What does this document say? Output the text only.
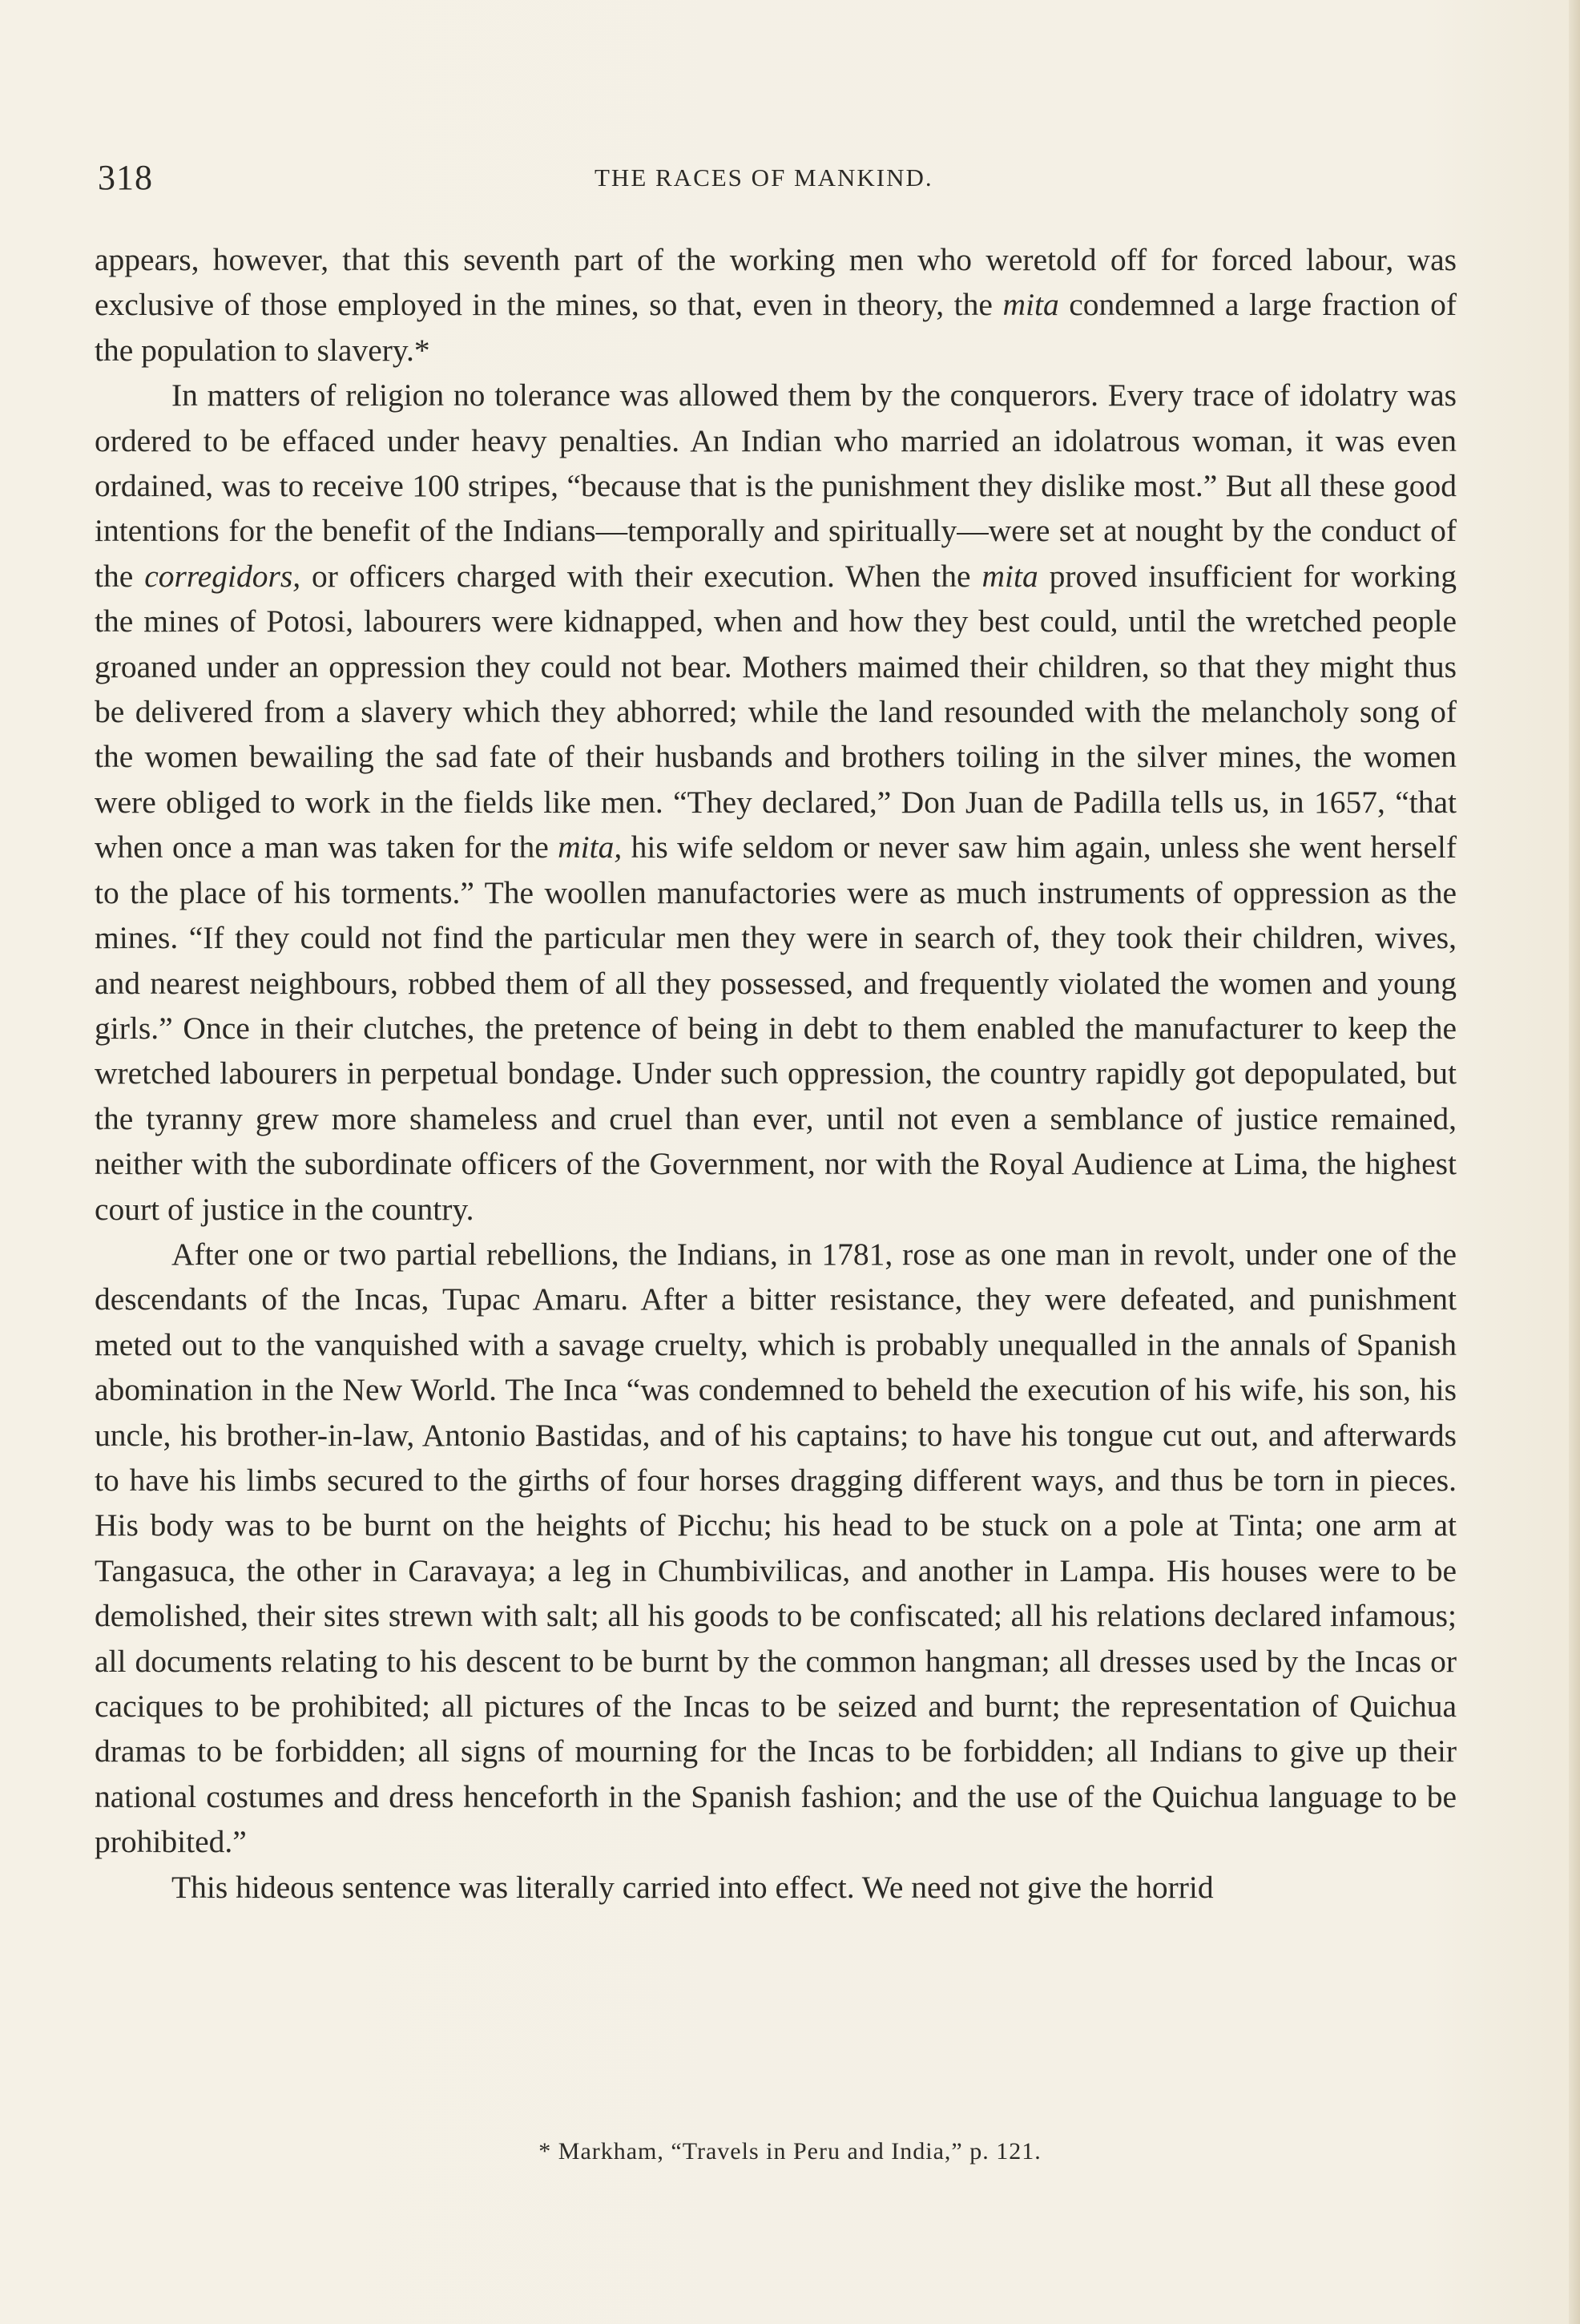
318	THE RACES OF MANKIND.

appears, however, that this seventh part of the working men who weretold off for forced labour, was exclusive of those employed in the mines, so that, even in theory, the mita condemned a large fraction of the population to slavery.*

In matters of religion no tolerance was allowed them by the conquerors. Every trace of idolatry was ordered to be effaced under heavy penalties. An Indian who married an idolatrous woman, it was even ordained, was to receive 100 stripes, “because that is the punishment they dislike most.” But all these good intentions for the benefit of the Indians—temporally and spiritually—were set at nought by the conduct of the corregidors, or officers charged with their execution. When the mita proved insufficient for working the mines of Potosi, labourers were kidnapped, when and how they best could, until the wretched people groaned under an oppression they could not bear. Mothers maimed their children, so that they might thus be delivered from a slavery which they abhorred; while the land resounded with the melancholy song of the women bewailing the sad fate of their husbands and brothers toiling in the silver mines, the women were obliged to work in the fields like men. “They declared,” Don Juan de Padilla tells us, in 1657, “that when once a man was taken for the mita, his wife seldom or never saw him again, unless she went herself to the place of his torments.” The woollen manufactories were as much instruments of oppression as the mines. “If they could not find the particular men they were in search of, they took their children, wives, and nearest neighbours, robbed them of all they possessed, and frequently violated the women and young girls.” Once in their clutches, the pretence of being in debt to them enabled the manufacturer to keep the wretched labourers in perpetual bondage. Under such oppression, the country rapidly got depopulated, but the tyranny grew more shameless and cruel than ever, until not even a semblance of justice remained, neither with the subordinate officers of the Government, nor with the Royal Audience at Lima, the highest court of justice in the country.

After one or two partial rebellions, the Indians, in 1781, rose as one man in revolt, under one of the descendants of the Incas, Tupac Amaru. After a bitter resistance, they were defeated, and punishment meted out to the vanquished with a savage cruelty, which is probably unequalled in the annals of Spanish abomination in the New World. The Inca “was condemned to beheld the execution of his wife, his son, his uncle, his brother-in-law, Antonio Bastidas, and of his captains; to have his tongue cut out, and afterwards to have his limbs secured to the girths of four horses dragging different ways, and thus be torn in pieces. His body was to be burnt on the heights of Picchu; his head to be stuck on a pole at Tinta; one arm at Tangasuca, the other in Caravaya; a leg in Chumbivilicas, and another in Lampa. His houses were to be demolished, their sites strewn with salt; all his goods to be confiscated; all his relations declared infamous; all documents relating to his descent to be burnt by the common hangman; all dresses used by the Incas or caciques to be prohibited; all pictures of the Incas to be seized and burnt; the representation of Quichua dramas to be forbidden; all signs of mourning for the Incas to be forbidden; all Indians to give up their national costumes and dress henceforth in the Spanish fashion; and the use of the Quichua language to be prohibited.”

This hideous sentence was literally carried into effect. We need not give the horrid

* Markham, “Travels in Peru and India,” p. 121.
